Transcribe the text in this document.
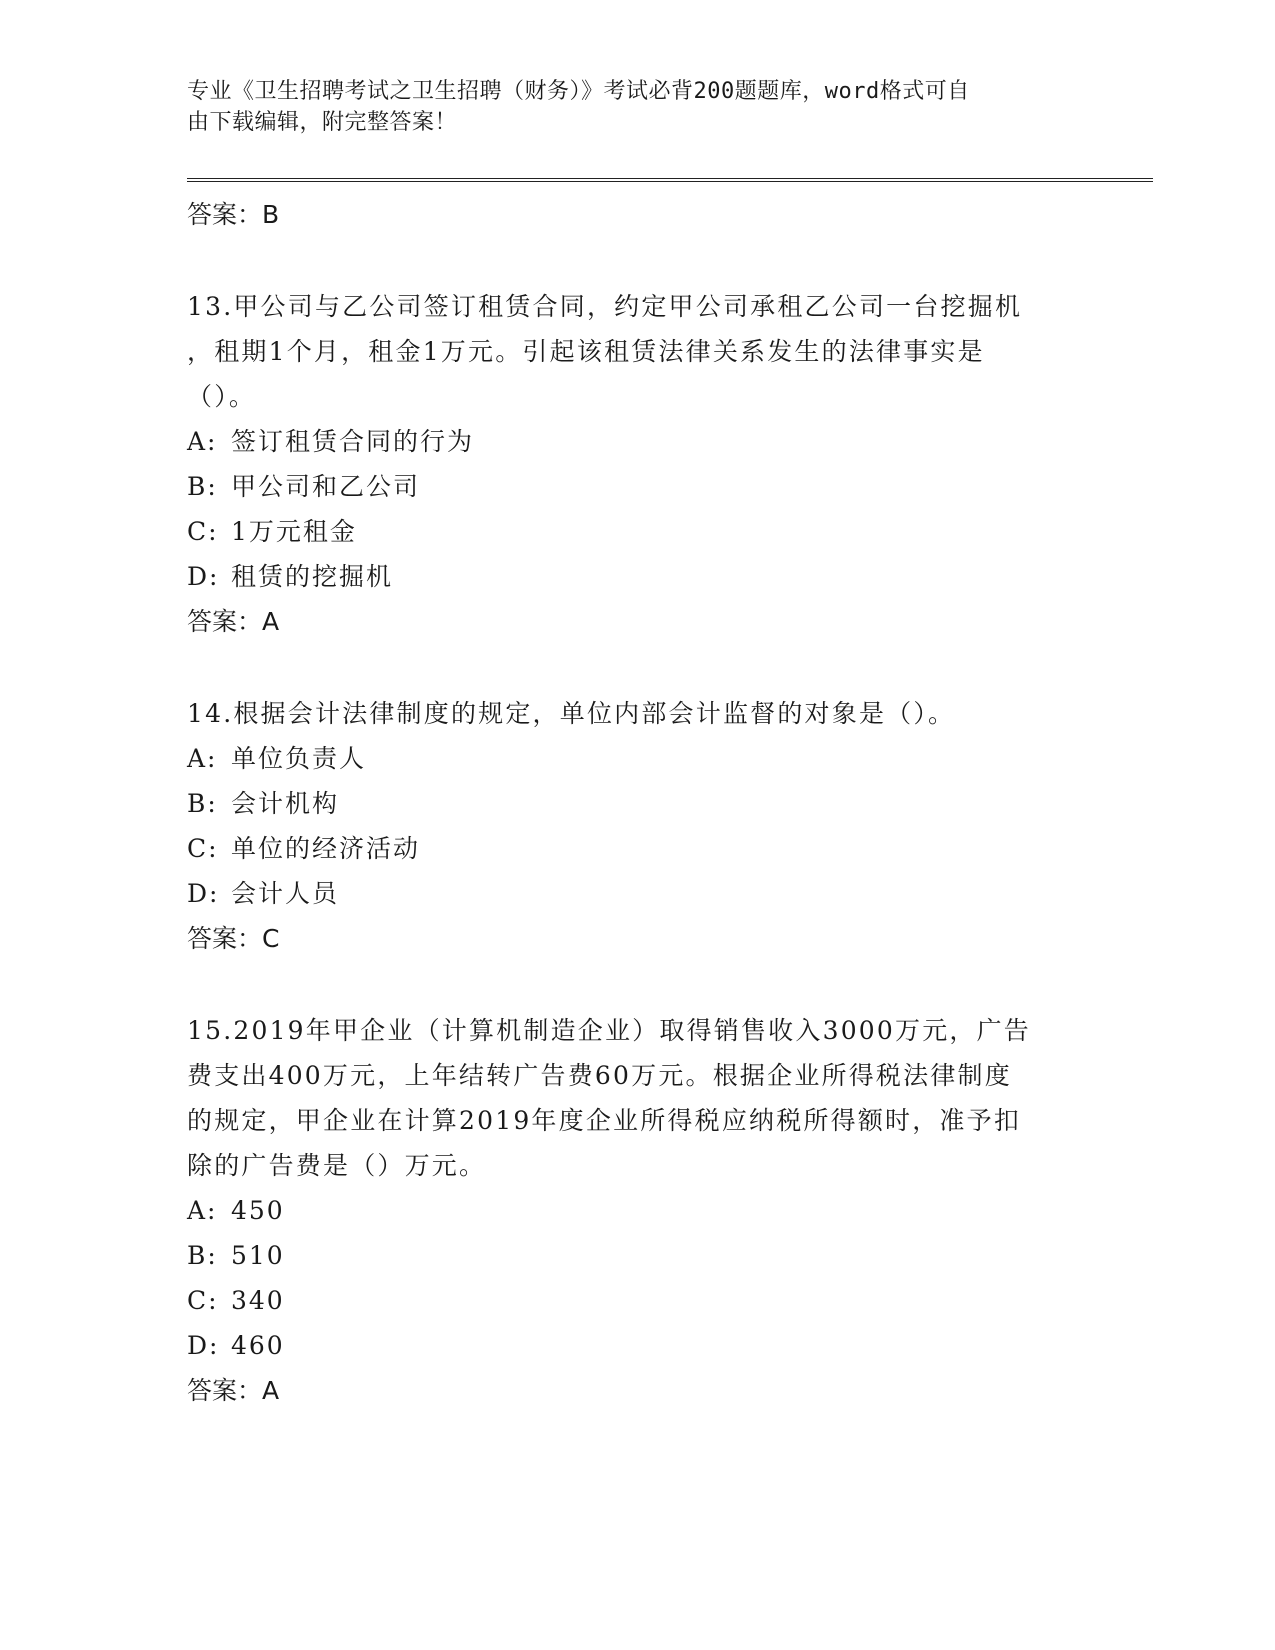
专业《卫生招聘考试之卫生招聘（财务）》考试必背200题题库，word格式可自
由下载编辑，附完整答案！

答案：B

13.甲公司与乙公司签订租赁合同，约定甲公司承租乙公司一台挖掘机

，租期1个月，租金1万元。引起该租赁法律关系发生的法律事实是

（）。

A: 签订租赁合同的行为

B: 甲公司和乙公司

C: 1万元租金

D: 租赁的挖掘机

答案：A

14.根据会计法律制度的规定，单位内部会计监督的对象是（）。

A: 单位负责人

B: 会计机构

C: 单位的经济活动

D: 会计人员

答案：C

15.2019年甲企业（计算机制造企业）取得销售收入3000万元，广告

费支出400万元，上年结转广告费60万元。根据企业所得税法律制度

的规定，甲企业在计算2019年度企业所得税应纳税所得额时，准予扣

除的广告费是（）万元。

A: 450

B: 510

C: 340

D: 460

答案：A
